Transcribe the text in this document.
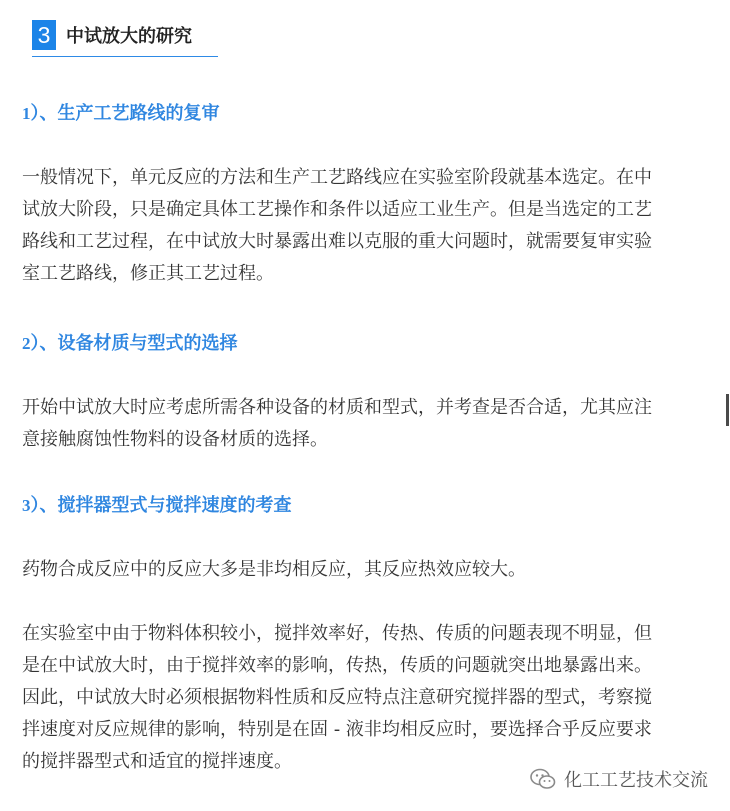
3 中试放大的研究
1）、生产工艺路线的复审
一般情况下，单元反应的方法和生产工艺路线应在实验室阶段就基本选定。在中
试放大阶段，只是确定具体工艺操作和条件以适应工业生产。但是当选定的工艺
路线和工艺过程，在中试放大时暴露出难以克服的重大问题时，就需要复审实验
室工艺路线，修正其工艺过程。
2）、设备材质与型式的选择
开始中试放大时应考虑所需各种设备的材质和型式，并考查是否合适，尤其应注
意接触腐蚀性物料的设备材质的选择。
3）、搅拌器型式与搅拌速度的考查
药物合成反应中的反应大多是非均相反应，其反应热效应较大。
在实验室中由于物料体积较小，搅拌效率好，传热、传质的问题表现不明显，但
是在中试放大时，由于搅拌效率的影响，传热，传质的问题就突出地暴露出来。
因此，中试放大时必须根据物料性质和反应特点注意研究搅拌器的型式，考察搅
拌速度对反应规律的影响，特别是在固 - 液非均相反应时，要选择合乎反应要求
的搅拌器型式和适宜的搅拌速度。
化工工艺技术交流
